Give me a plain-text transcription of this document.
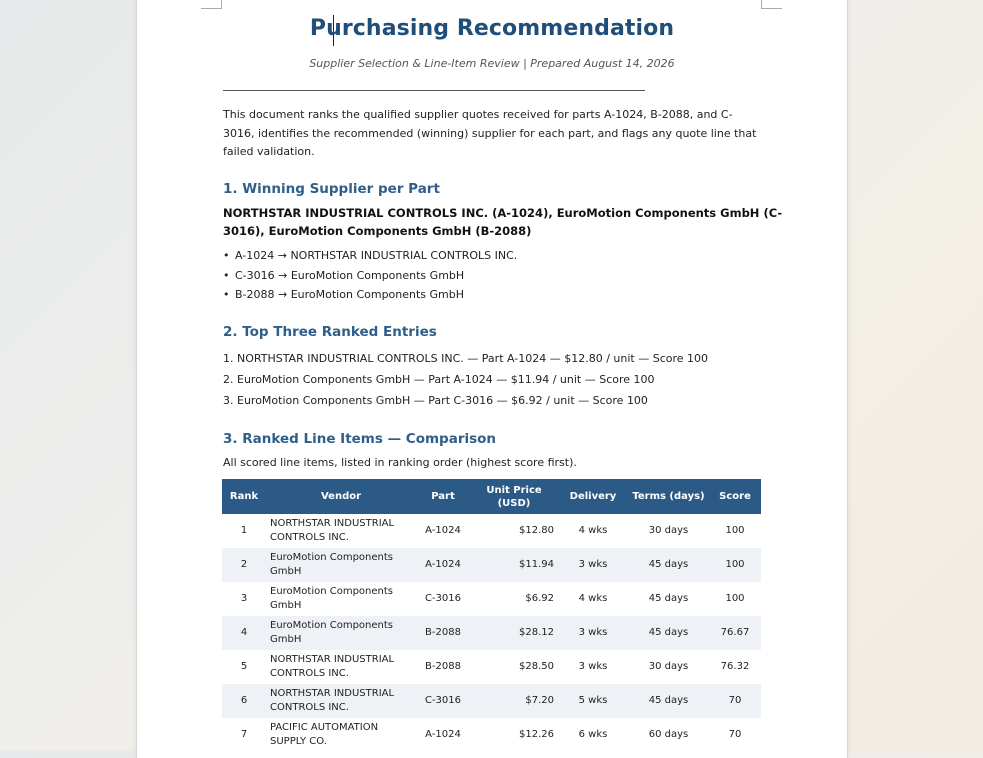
Purchasing Recommendation
Supplier Selection & Line-Item Review | Prepared August 14, 2026
This document ranks the qualified supplier quotes received for parts A-1024, B-2088, and C-3016, identifies the recommended (winning) supplier for each part, and flags any quote line that failed validation.
1. Winning Supplier per Part
NORTHSTAR INDUSTRIAL CONTROLS INC. (A-1024), EuroMotion Components GmbH (C-3016), EuroMotion Components GmbH (B-2088)
• A-1024 → NORTHSTAR INDUSTRIAL CONTROLS INC.
• C-3016 → EuroMotion Components GmbH
• B-2088 → EuroMotion Components GmbH
2. Top Three Ranked Entries
1. NORTHSTAR INDUSTRIAL CONTROLS INC. — Part A-1024 — $12.80 / unit — Score 100
2. EuroMotion Components GmbH — Part A-1024 — $11.94 / unit — Score 100
3. EuroMotion Components GmbH — Part C-3016 — $6.92 / unit — Score 100
3. Ranked Line Items — Comparison
All scored line items, listed in ranking order (highest score first).
Rank	Vendor	Part	Unit Price (USD)	Delivery	Terms (days)	Score
1	NORTHSTAR INDUSTRIAL CONTROLS INC.	A-1024	$12.80	4 wks	30 days	100
2	EuroMotion Components GmbH	A-1024	$11.94	3 wks	45 days	100
3	EuroMotion Components GmbH	C-3016	$6.92	4 wks	45 days	100
4	EuroMotion Components GmbH	B-2088	$28.12	3 wks	45 days	76.67
5	NORTHSTAR INDUSTRIAL CONTROLS INC.	B-2088	$28.50	3 wks	30 days	76.32
6	NORTHSTAR INDUSTRIAL CONTROLS INC.	C-3016	$7.20	5 wks	45 days	70
7	PACIFIC AUTOMATION SUPPLY CO.	A-1024	$12.26	6 wks	60 days	70
